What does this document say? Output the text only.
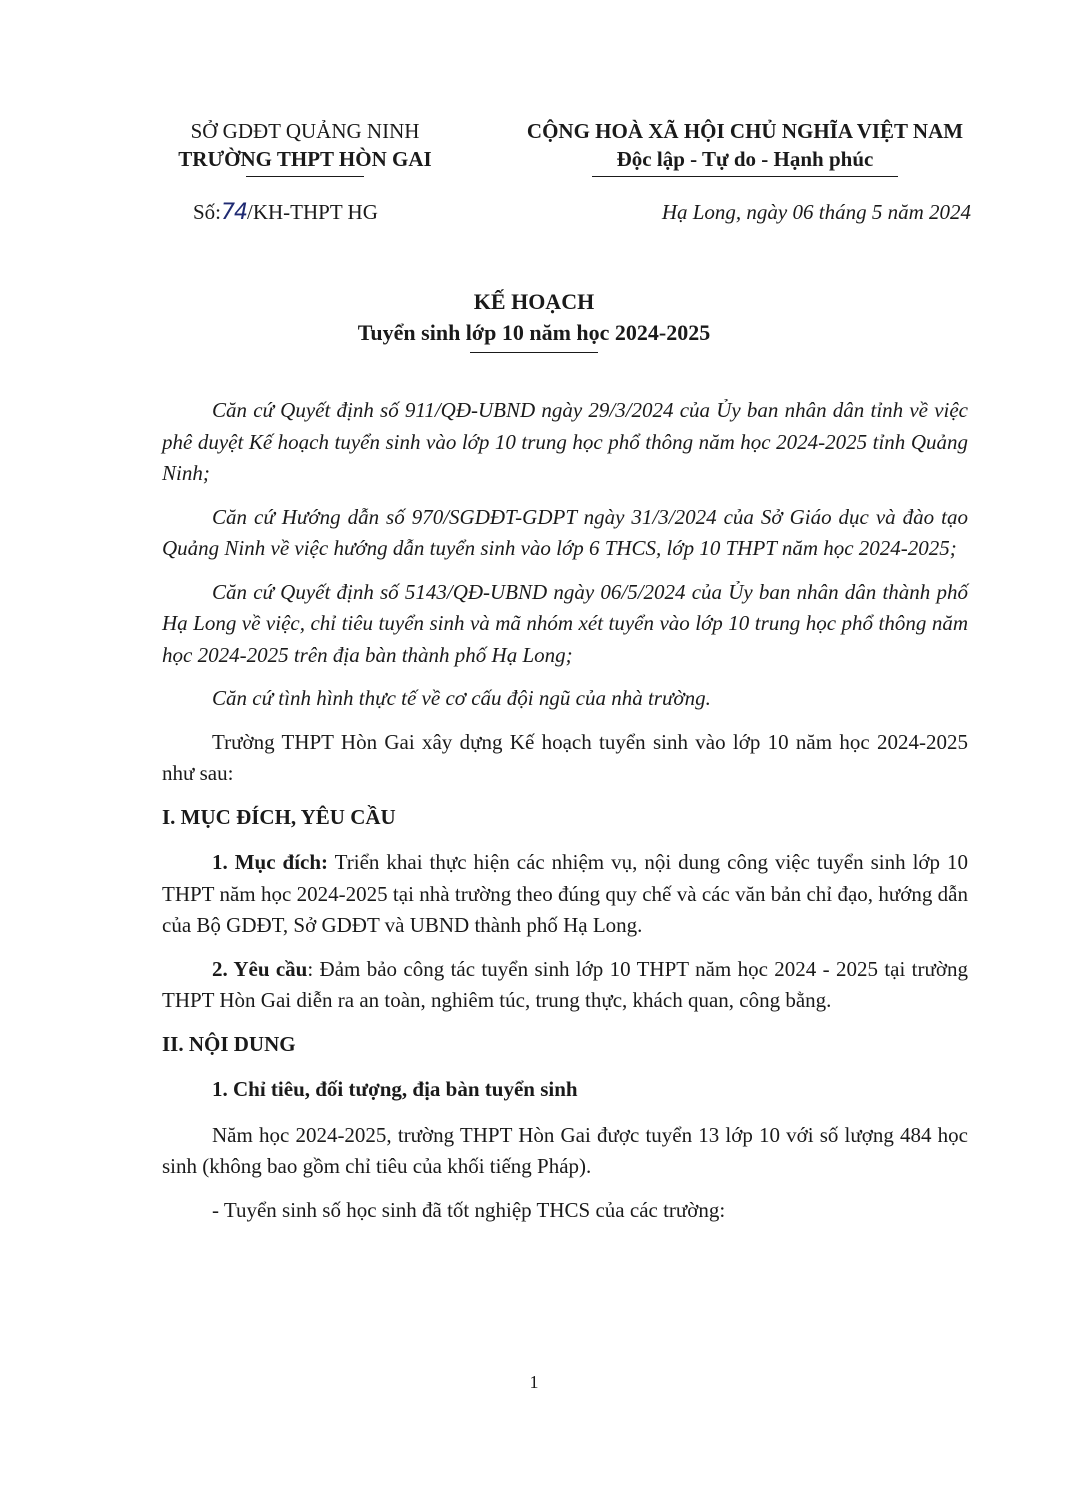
SỞ GDĐT QUẢNG NINH
TRƯỜNG THPT HÒN GAI
CỘNG HOÀ XÃ HỘI CHỦ NGHĨA VIỆT NAM
Độc lập - Tự do - Hạnh phúc
Số:74/KH-THPT HG	Hạ Long, ngày 06 tháng 5 năm 2024
KẾ HOẠCH
Tuyển sinh lớp 10 năm học 2024-2025

Căn cứ Quyết định số 911/QĐ-UBND ngày 29/3/2024 của Ủy ban nhân dân tỉnh về việc phê duyệt Kế hoạch tuyển sinh vào lớp 10 trung học phổ thông năm học 2024-2025 tỉnh Quảng Ninh;

Căn cứ Hướng dẫn số 970/SGDĐT-GDPT ngày 31/3/2024 của Sở Giáo dục và đào tạo Quảng Ninh về việc hướng dẫn tuyển sinh vào lớp 6 THCS, lớp 10 THPT năm học 2024-2025;

Căn cứ Quyết định số 5143/QĐ-UBND ngày 06/5/2024 của Ủy ban nhân dân thành phố Hạ Long về việc, chỉ tiêu tuyển sinh và mã nhóm xét tuyển vào lớp 10 trung học phổ thông năm học 2024-2025 trên địa bàn thành phố Hạ Long;

Căn cứ tình hình thực tế về cơ cấu đội ngũ của nhà trường.

Trường THPT Hòn Gai xây dựng Kế hoạch tuyển sinh vào lớp 10 năm học 2024-2025 như sau:

I. MỤC ĐÍCH, YÊU CẦU

1. Mục đích: Triển khai thực hiện các nhiệm vụ, nội dung công việc tuyển sinh lớp 10 THPT năm học 2024-2025 tại nhà trường theo đúng quy chế và các văn bản chỉ đạo, hướng dẫn của Bộ GDĐT, Sở GDĐT và UBND thành phố Hạ Long.

2. Yêu cầu: Đảm bảo công tác tuyển sinh lớp 10 THPT năm học 2024 - 2025 tại trường THPT Hòn Gai diễn ra an toàn, nghiêm túc, trung thực, khách quan, công bằng.

II. NỘI DUNG

1. Chỉ tiêu, đối tượng, địa bàn tuyển sinh

Năm học 2024-2025, trường THPT Hòn Gai được tuyển 13 lớp 10 với số lượng 484 học sinh (không bao gồm chỉ tiêu của khối tiếng Pháp).

- Tuyển sinh số học sinh đã tốt nghiệp THCS của các trường:

1
